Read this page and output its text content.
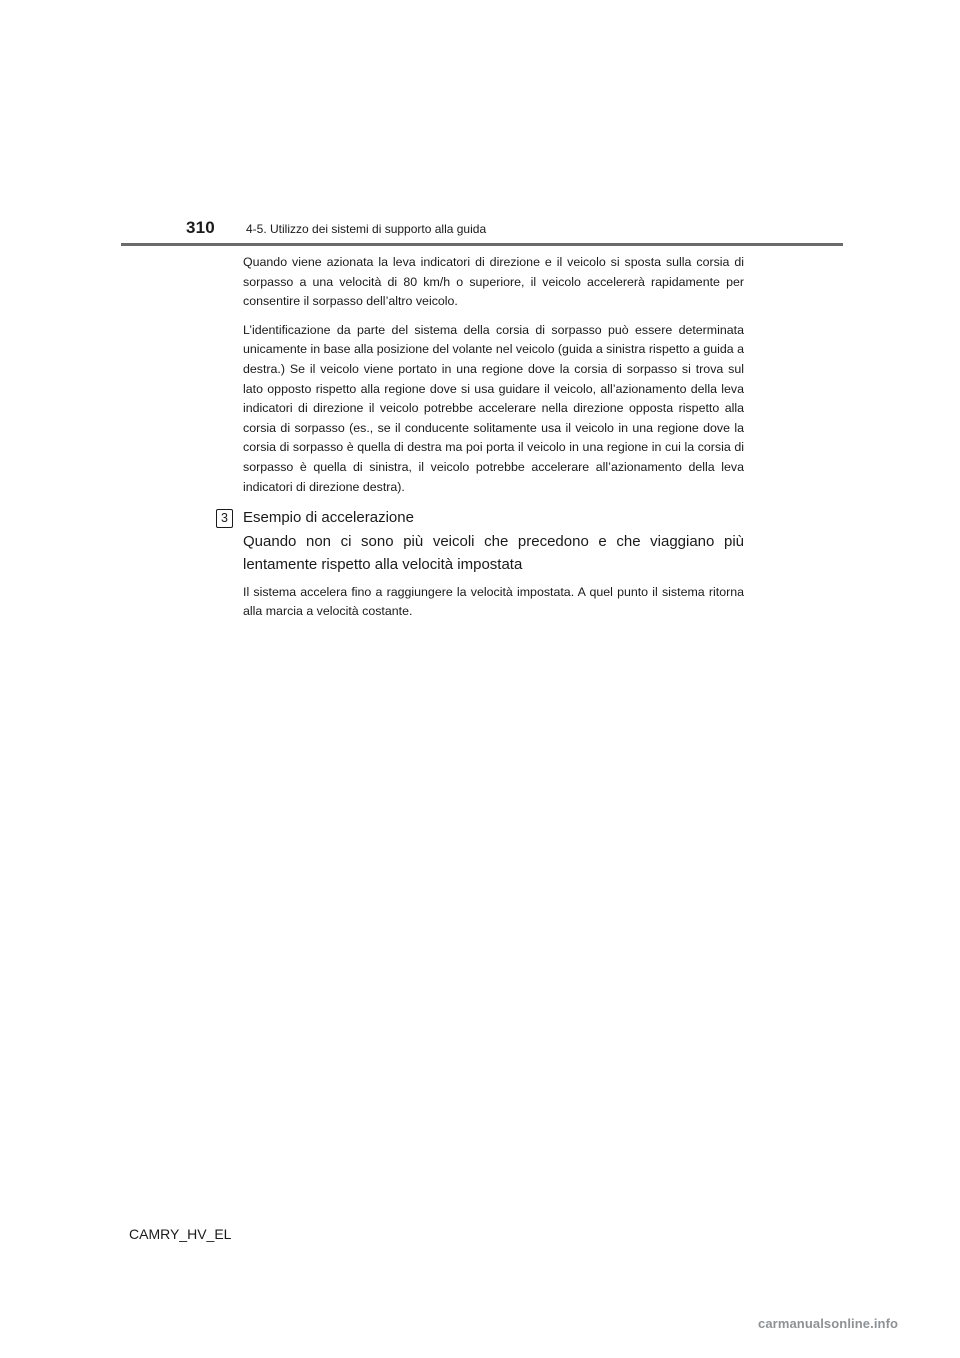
310	4-5. Utilizzo dei sistemi di supporto alla guida

Quando viene azionata la leva indicatori di direzione e il veicolo si sposta sulla corsia di sorpasso a una velocità di 80 km/h o superiore, il veicolo accelererà rapidamente per consentire il sorpasso dell’altro veicolo.

L’identificazione da parte del sistema della corsia di sorpasso può essere determinata unicamente in base alla posizione del volante nel veicolo (guida a sinistra rispetto a guida a destra.) Se il veicolo viene portato in una regione dove la corsia di sorpasso si trova sul lato opposto rispetto alla regione dove si usa guidare il veicolo, all’azionamento della leva indicatori di direzione il veicolo potrebbe accelerare nella direzione opposta rispetto alla corsia di sorpasso (es., se il conducente solitamente usa il veicolo in una regione dove la corsia di sorpasso è quella di destra ma poi porta il veicolo in una regione in cui la corsia di sorpasso è quella di sinistra, il veicolo potrebbe accelerare all’azionamento della leva indicatori di direzione destra).

3	Esempio di accelerazione

Quando non ci sono più veicoli che precedono e che viaggiano più lentamente rispetto alla velocità impostata

Il sistema accelera fino a raggiungere la velocità impostata. A quel punto il sistema ritorna alla marcia a velocità costante.

CAMRY_HV_EL

carmanualsonline.info
